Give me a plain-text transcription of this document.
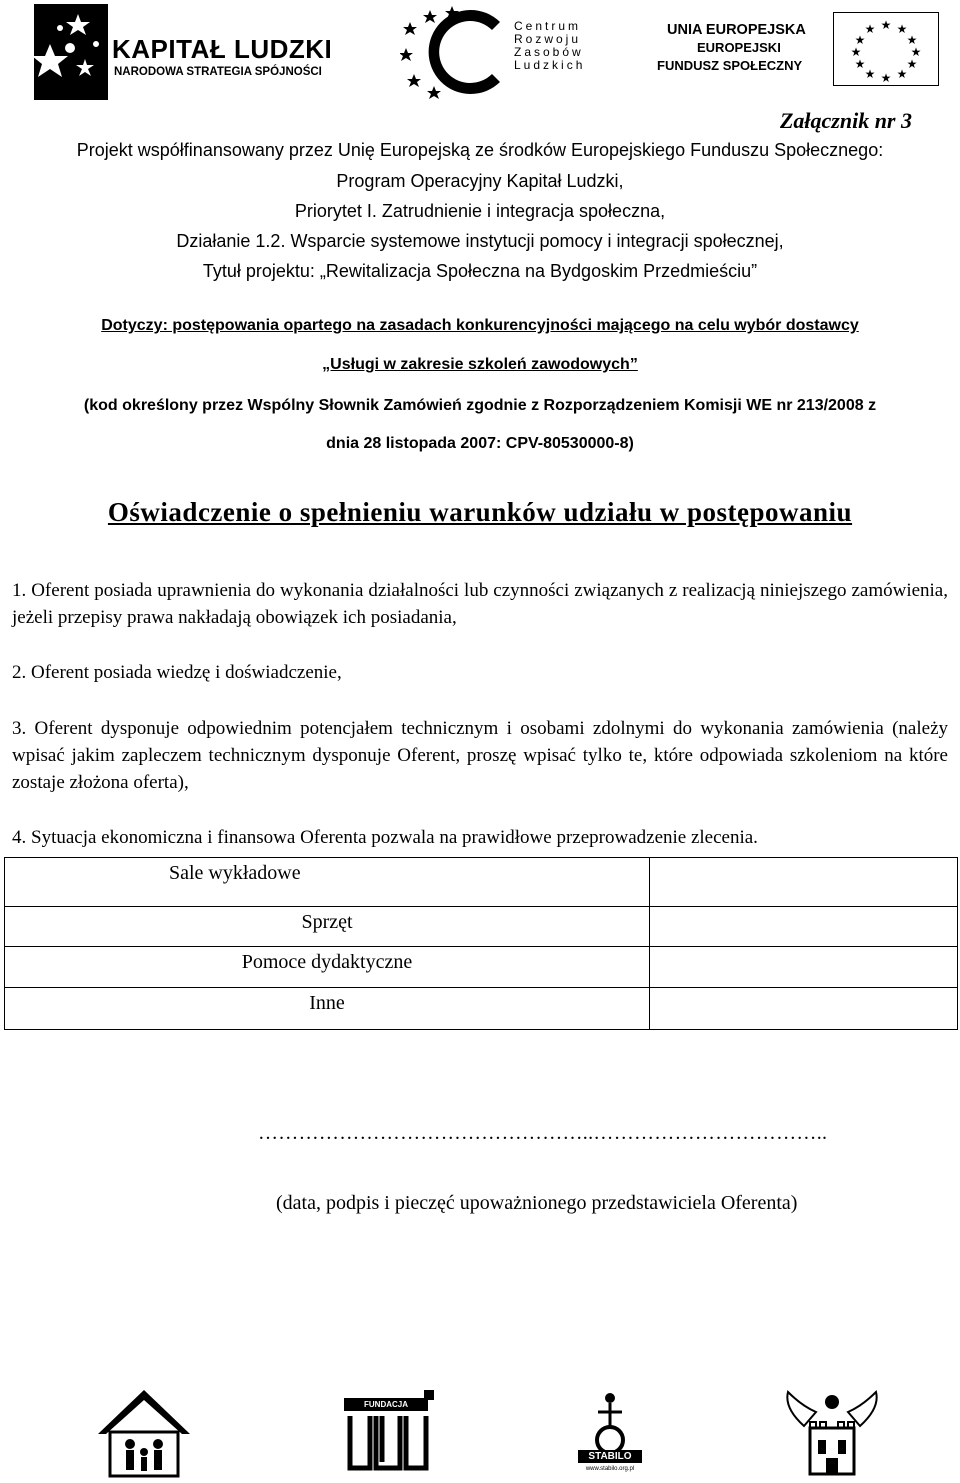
KAPITAŁ LUDZKI
NARODOWA STRATEGIA SPÓJNOŚCI
Centrum
Rozwoju
Zasobów
Ludzkich
UNIA EUROPEJSKA
EUROPEJSKI
FUNDUSZ SPOŁECZNY
★ ★
★
★
★
★
★
★
★
★
★
★
Załącznik nr 3
Projekt współfinansowany przez Unię Europejską ze środków Europejskiego Funduszu Społecznego:
Program Operacyjny Kapitał Ludzki,
Priorytet I. Zatrudnienie i integracja społeczna,
Działanie 1.2. Wsparcie systemowe instytucji pomocy i integracji społecznej,
Tytuł projektu: „Rewitalizacja Społeczna na Bydgoskim Przedmieściu”
Dotyczy: postępowania opartego na zasadach konkurencyjności mającego na celu wybór dostawcy
„Usługi w zakresie szkoleń zawodowych”
(kod określony przez Wspólny Słownik Zamówień zgodnie z Rozporządzeniem Komisji WE nr 213/2008 z
dnia 28 listopada 2007: CPV-80530000-8)
Oświadczenie o spełnieniu warunków udziału w postępowaniu
1. Oferent posiada uprawnienia do wykonania działalności lub czynności związanych z realizacją niniejszego zamówienia, jeżeli przepisy prawa nakładają obowiązek ich posiadania,
2. Oferent posiada wiedzę i doświadczenie,
3. Oferent dysponuje odpowiednim potencjałem technicznym i osobami zdolnymi do wykonania zamówienia (należy wpisać jakim zapleczem technicznym dysponuje Oferent, proszę wpisać tylko te, które odpowiada szkoleniom na które zostaje złożona oferta),
4. Sytuacja ekonomiczna i finansowa Oferenta pozwala na prawidłowe przeprowadzenie zlecenia.
Sale wykładowe	
Sprzęt	
Pomoce dydaktyczne	
Inne	
…………………………………………..……………………………..
(data, podpis i pieczęć upoważnionego przedstawiciela Oferenta)
FUNDACJA FABRYKA
STABILO
www.stabilo.org.pl
